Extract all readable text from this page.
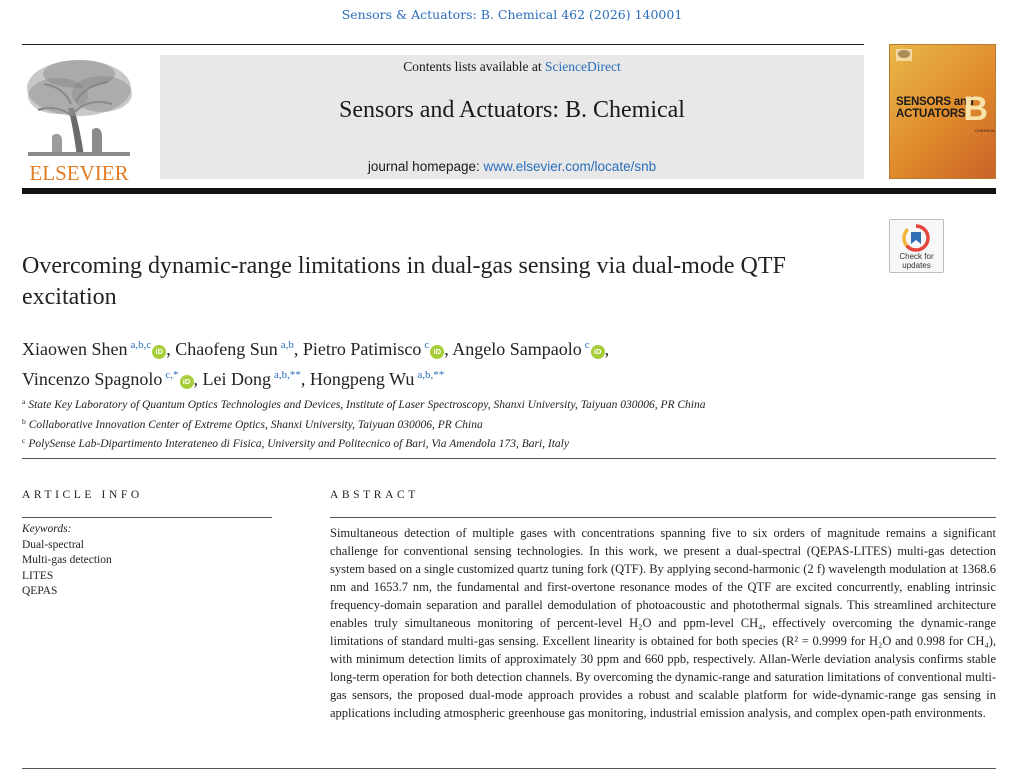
Sensors & Actuators: B. Chemical 462 (2026) 140001
ELSEVIER
Contents lists available at ScienceDirect
Sensors and Actuators: B. Chemical
journal homepage: www.elsevier.com/locate/snb
SENSORS and
ACTUATORS
B
CHEMICAL
Check for
updates
Overcoming dynamic-range limitations in dual-gas sensing via dual-mode QTF excitation
Xiaowen Shen $^{a,b,c}$iD , Chaofeng Sun $^{a,b}$, Pietro Patimisco $^c$iD , Angelo Sampaolo $^c$iD ,
Vincenzo Spagnolo $^{c,*}$iD , Lei Dong $^{a,b,**}$, Hongpeng Wu $^{a,b,**}$
$^a$ State Key Laboratory of Quantum Optics Technologies and Devices, Institute of Laser Spectroscopy, Shanxi University, Taiyuan 030006, PR China
$^b$ Collaborative Innovation Center of Extreme Optics, Shanxi University, Taiyuan 030006, PR China
$^c$ PolySense Lab-Dipartimento Interateneo di Fisica, University and Politecnico of Bari, Via Amendola 173, Bari, Italy
ARTICLE INFO	ABSTRACT
Keywords:
Dual-spectral
Multi-gas detection
LITES
QEPAS

Simultaneous detection of multiple gases with concentrations spanning five to six orders of magnitude remains a significant challenge for conventional sensing technologies. In this work, we present a dual-spectral (QEPAS-LITES) multi-gas detection system based on a single customized quartz tuning fork (QTF). By applying second-harmonic (2 f) wavelength modulation at 1368.6 nm and 1653.7 nm, the fundamental and first-overtone resonance modes of the QTF are excited concurrently, enabling intrinsic frequency-domain separation and parallel demodulation of photoacoustic and photothermal signals. This streamlined architecture enables truly simultaneous monitoring of percent-level H₂O and ppm-level CH₄, effectively overcoming the dynamic-range limitations of standard multi-gas sensing. Excellent linearity is obtained for both species (R² = 0.9999 for H₂O and 0.998 for CH₄), with minimum detection limits of approximately 30 ppm and 660 ppb, respectively. Allan-Werle deviation analysis confirms stable long-term operation for both detection channels. By overcoming the dynamic-range and saturation limitations of conventional multi-gas sensors, the proposed dual-mode approach provides a robust and scalable platform for wide-dynamic-range gas sensing in applications including atmospheric greenhouse gas monitoring, industrial emission analysis, and complex open-path environments.
